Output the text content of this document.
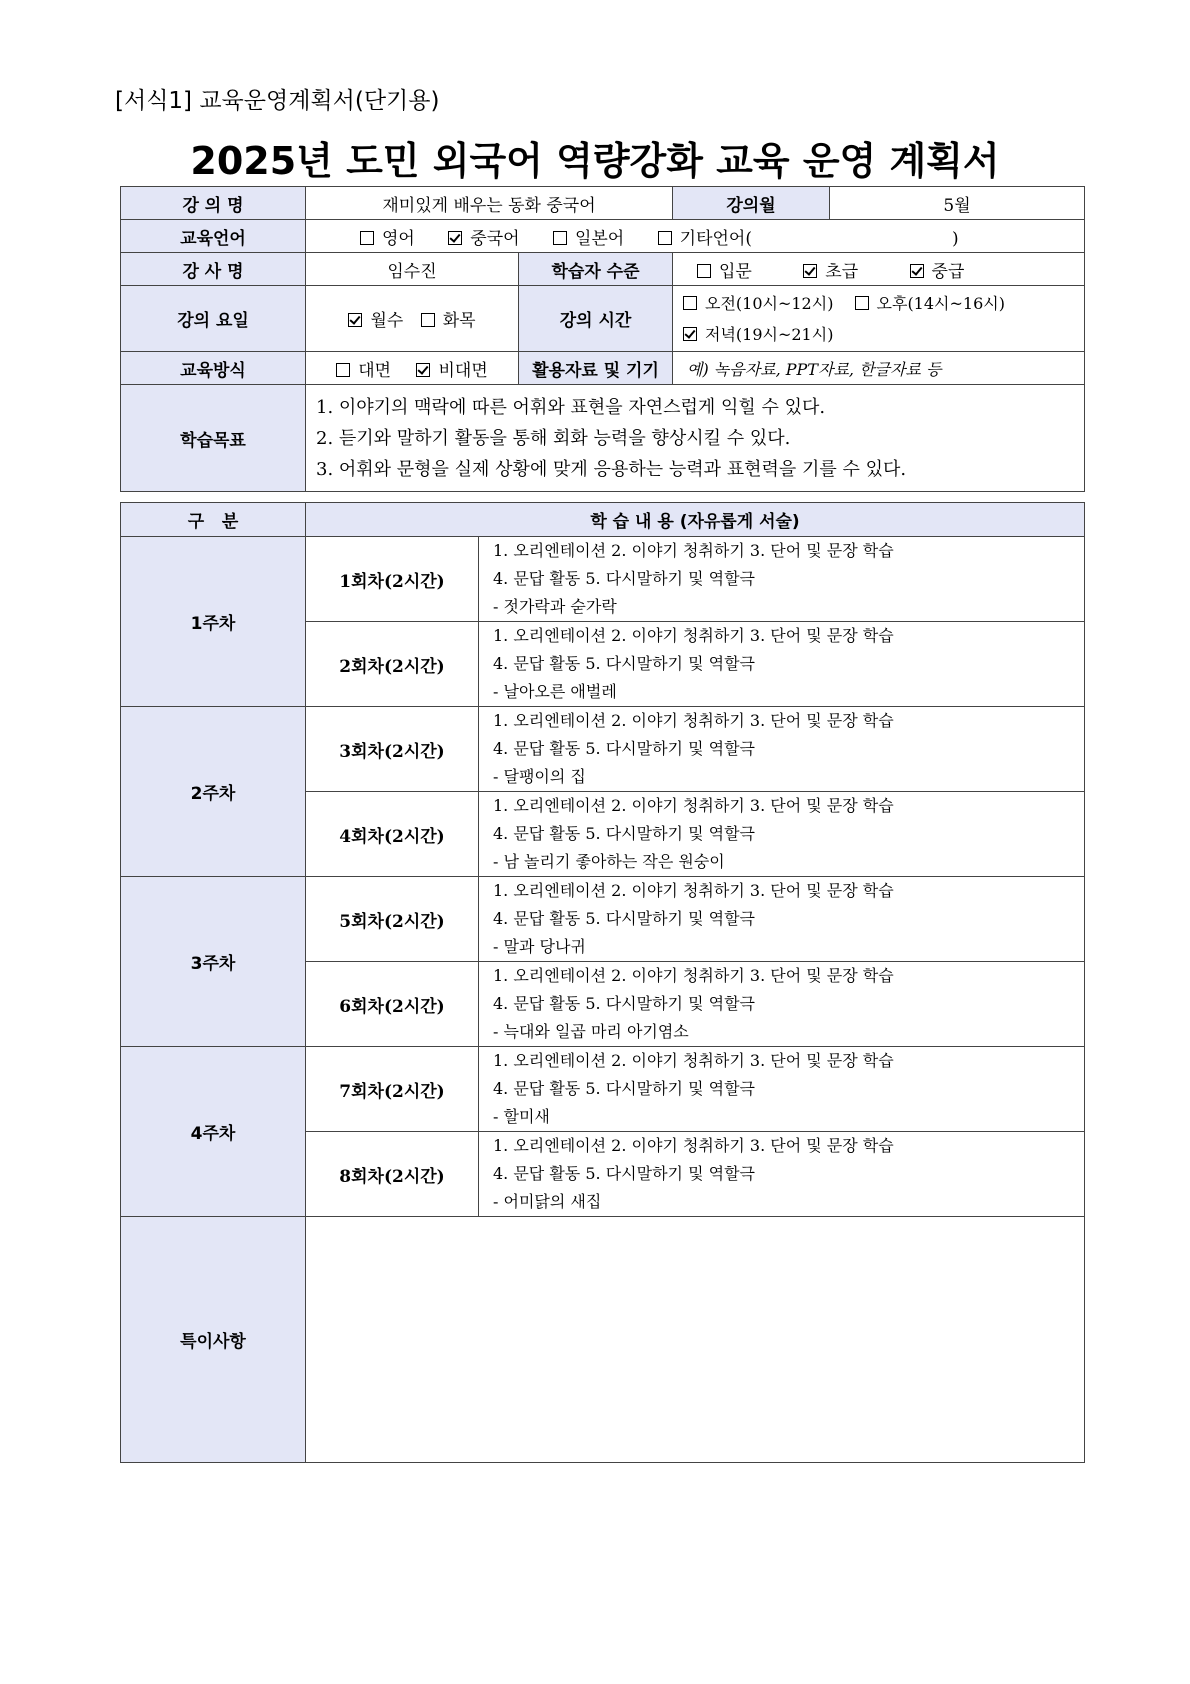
[서식1] 교육운영계획서(단기용)
2025년 도민 외국어 역량강화 교육 운영 계획서
강 의 명	재미있게 배우는 동화 중국어		강의월	5월
교육언어	영어 중국어 일본어 기타언어( )			
강 사 명	임수진	학습자 수준	입문 초급 중급	
강의 요일	월수 화목	강의 시간	오전(10시~12시) 오후(14시~16시)
저녁(19시~21시)	

교육방식	대면 비대면	활용자료 및 기기	예) 녹음자료, PPT자료, 한글자료 등	
학습목표	1. 이야기의 맥락에 따른 어휘와 표현을 자연스럽게 익힐 수 있다.
2. 듣기와 말하기 활동을 통해 회화 능력을 향상시킬 수 있다.
3. 어휘와 문형을 실제 상황에 맞게 응용하는 능력과 표현력을 기를 수 있다.			
구   분	학 습 내 용 (자유롭게 서술)	
1주차	1회차(2시간)	1. 오리엔테이션 2. 이야기 청취하기 3. 단어 및 문장 학습
4. 문답 활동 5. 다시말하기 및 역할극
- 젓가락과 숟가락

	2회차(2시간)	1. 오리엔테이션 2. 이야기 청취하기 3. 단어 및 문장 학습
4. 문답 활동 5. 다시말하기 및 역할극
- 날아오른 애벌레

2주차	3회차(2시간)	1. 오리엔테이션 2. 이야기 청취하기 3. 단어 및 문장 학습
4. 문답 활동 5. 다시말하기 및 역할극
- 달팽이의 집

	4회차(2시간)	1. 오리엔테이션 2. 이야기 청취하기 3. 단어 및 문장 학습
4. 문답 활동 5. 다시말하기 및 역할극
- 남 놀리기 좋아하는 작은 원숭이

3주차	5회차(2시간)	1. 오리엔테이션 2. 이야기 청취하기 3. 단어 및 문장 학습
4. 문답 활동 5. 다시말하기 및 역할극
- 말과 당나귀

	6회차(2시간)	1. 오리엔테이션 2. 이야기 청취하기 3. 단어 및 문장 학습
4. 문답 활동 5. 다시말하기 및 역할극
- 늑대와 일곱 마리 아기염소

4주차	7회차(2시간)	1. 오리엔테이션 2. 이야기 청취하기 3. 단어 및 문장 학습
4. 문답 활동 5. 다시말하기 및 역할극
- 할미새

	8회차(2시간)	1. 오리엔테이션 2. 이야기 청취하기 3. 단어 및 문장 학습
4. 문답 활동 5. 다시말하기 및 역할극
- 어미닭의 새집

특이사항		
